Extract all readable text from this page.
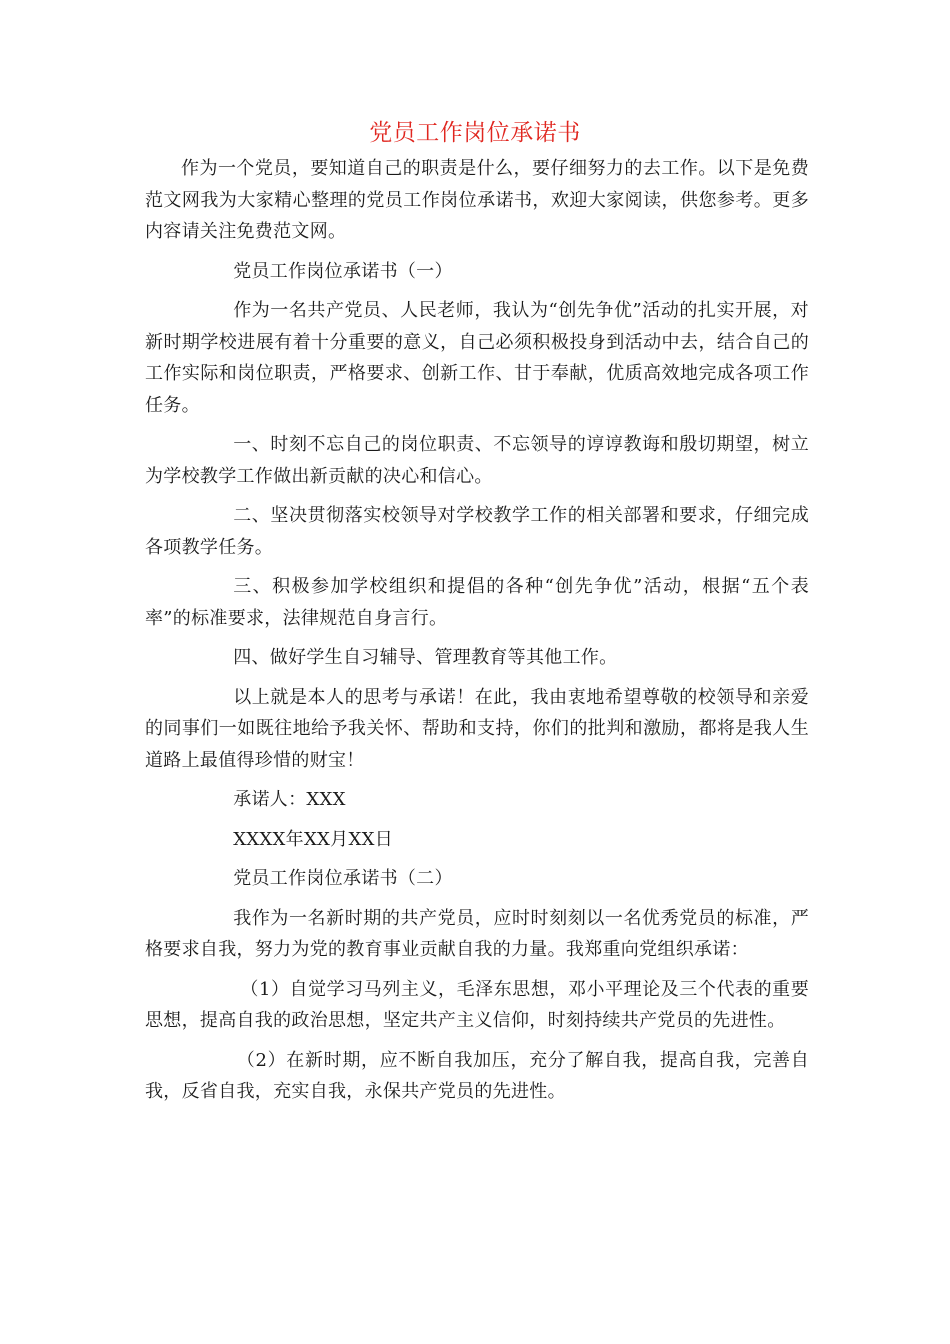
党员工作岗位承诺书

作为一个党员，要知道自己的职责是什么，要仔细努力的去工作。以下是免费范文网我为大家精心整理的党员工作岗位承诺书，欢迎大家阅读，供您参考。更多内容请关注免费范文网。

党员工作岗位承诺书（一）

作为一名共产党员、人民老师，我认为“创先争优”活动的扎实开展，对新时期学校进展有着十分重要的意义，自己必须积极投身到活动中去，结合自己的工作实际和岗位职责，严格要求、创新工作、甘于奉献，优质高效地完成各项工作任务。

一、时刻不忘自己的岗位职责、不忘领导的谆谆教诲和殷切期望，树立为学校教学工作做出新贡献的决心和信心。

二、坚决贯彻落实校领导对学校教学工作的相关部署和要求，仔细完成各项教学任务。

三、积极参加学校组织和提倡的各种“创先争优”活动，根据“五个表率”的标准要求，法律规范自身言行。

四、做好学生自习辅导、管理教育等其他工作。

以上就是本人的思考与承诺！在此，我由衷地希望尊敬的校领导和亲爱的同事们一如既往地给予我关怀、帮助和支持，你们的批判和激励，都将是我人生道路上最值得珍惜的财宝！

承诺人：XXX

XXXX年XX月XX日

党员工作岗位承诺书（二）

我作为一名新时期的共产党员，应时时刻刻以一名优秀党员的标准，严格要求自我，努力为党的教育事业贡献自我的力量。我郑重向党组织承诺：

（1）自觉学习马列主义，毛泽东思想，邓小平理论及三个代表的重要思想，提高自我的政治思想，坚定共产主义信仰，时刻持续共产党员的先进性。

（2）在新时期，应不断自我加压，充分了解自我，提高自我，完善自我，反省自我，充实自我，永保共产党员的先进性。
